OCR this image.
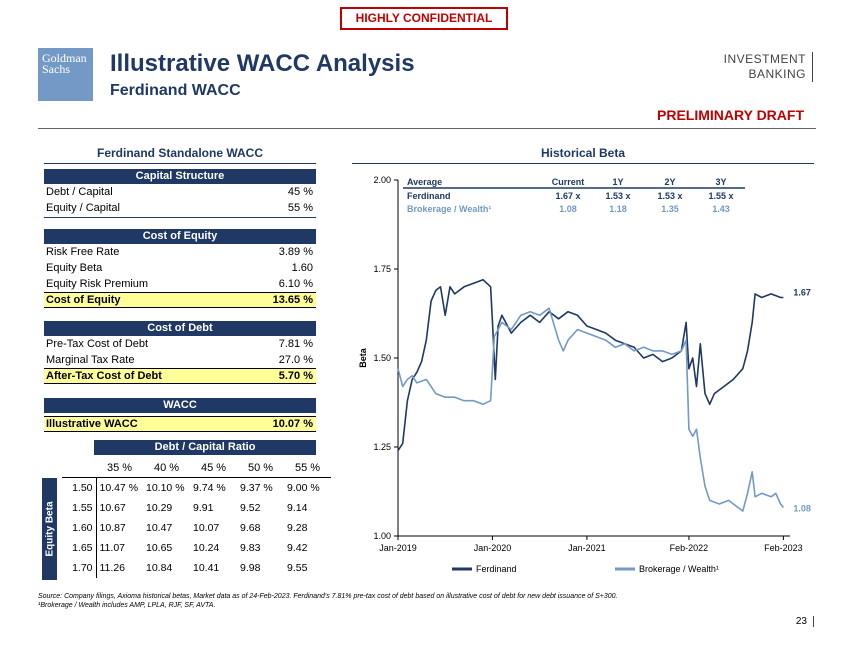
HIGHLY CONFIDENTIAL
Goldman
Sachs	Illustrative WACC Analysis
Ferdinand WACC
INVESTMENT
BANKING
PRELIMINARY DRAFT
Ferdinand Standalone WACC
Capital Structure
Debt / Capital	45 %
Equity / Capital	55 %
Cost of Equity
Risk Free Rate	3.89 %
Equity Beta	1.60
Equity Risk Premium	6.10 %
Cost of Equity	13.65 %
Cost of Debt
Pre-Tax Cost of Debt	7.81 %
Marginal Tax Rate	27.0 %
After-Tax Cost of Debt	5.70 %
WACC
Illustrative WACC	10.07 %
Debt / Capital Ratio
Equity Beta
	35 %	40 %	45 %	50 %	55 %
1.50	10.47 %	10.10 %	9.74 %	9.37 %	9.00 %
1.55	10.67	10.29	9.91	9.52	9.14
1.60	10.87	10.47	10.07	9.68	9.28
1.65	11.07	10.65	10.24	9.83	9.42
1.70	11.26	10.84	10.41	9.98	9.55
Historical Beta
1.00
1.25
1.50
1.75
2.00
Beta
Jan-2019	Jan-2020	Jan-2021	Feb-2022	Feb-2023
1.67
1.08
Average	Current	1Y	2Y	3Y
Ferdinand	1.67 x	1.53 x	1.53 x	1.55 x
Brokerage / Wealth¹	1.08	1.18	1.35	1.43
Ferdinand	Brokerage / Wealth¹
Source: Company filings, Axioma historical betas, Market data as of 24-Feb-2023. Ferdinand's 7.81% pre-tax cost of debt based on illustrative cost of debt for new debt issuance of S+300.
¹Brokerage / Wealth includes AMP, LPLA, RJF, SF, AVTA.
23
